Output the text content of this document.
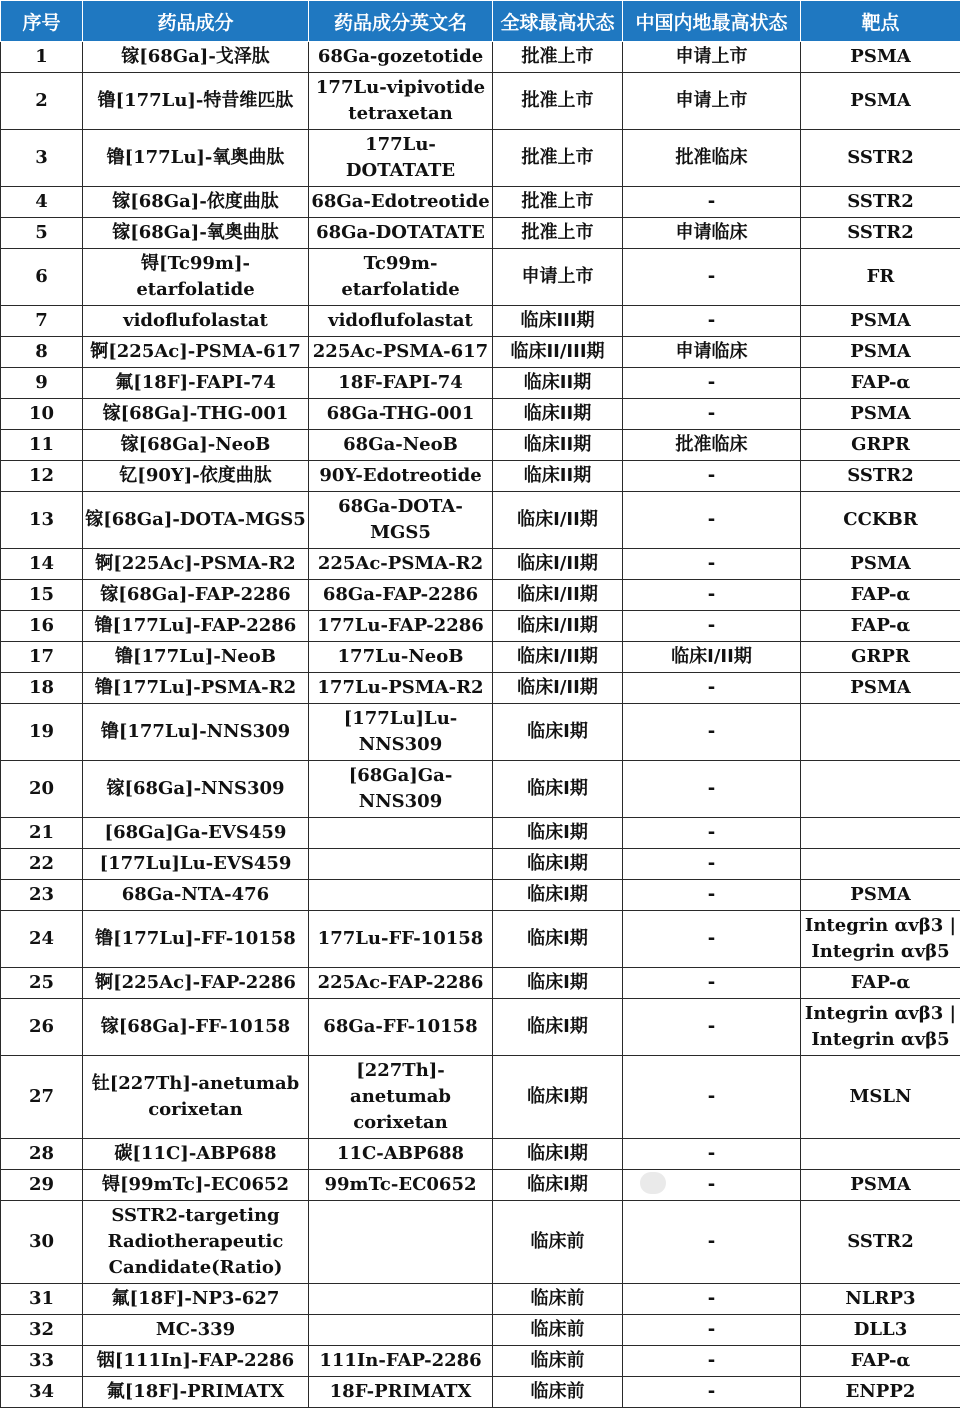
序号	药品成分	药品成分英文名	全球最高状态	中国内地最高状态	靶点
1	镓[68Ga]-戈泽肽	68Ga-gozetotide	批准上市	申请上市	PSMA
2	镥[177Lu]-特昔维匹肽	177Lu-vipivotide tetraxetan	批准上市	申请上市	PSMA
3	镥[177Lu]-氧奥曲肽	177Lu-DOTATATE	批准上市	批准临床	SSTR2
4	镓[68Ga]-依度曲肽	68Ga-Edotreotide	批准上市	-	SSTR2
5	镓[68Ga]-氧奥曲肽	68Ga-DOTATATE	批准上市	申请临床	SSTR2
6	锝[Tc99m]-etarfolatide	Tc99m-etarfolatide	申请上市	-	FR
7	vidoflufolastat	vidoflufolastat	临床III期	-	PSMA
8	锕[225Ac]-PSMA-617	225Ac-PSMA-617	临床II/III期	申请临床	PSMA
9	氟[18F]-FAPI-74	18F-FAPI-74	临床II期	-	FAP-α
10	镓[68Ga]-THG-001	68Ga-THG-001	临床II期	-	PSMA
11	镓[68Ga]-NeoB	68Ga-NeoB	临床II期	批准临床	GRPR
12	钇[90Y]-依度曲肽	90Y-Edotreotide	临床II期	-	SSTR2
13	镓[68Ga]-DOTA-MGS5	68Ga-DOTA-MGS5	临床I/II期	-	CCKBR
14	锕[225Ac]-PSMA-R2	225Ac-PSMA-R2	临床I/II期	-	PSMA
15	镓[68Ga]-FAP-2286	68Ga-FAP-2286	临床I/II期	-	FAP-α
16	镥[177Lu]-FAP-2286	177Lu-FAP-2286	临床I/II期	-	FAP-α
17	镥[177Lu]-NeoB	177Lu-NeoB	临床I/II期	临床I/II期	GRPR
18	镥[177Lu]-PSMA-R2	177Lu-PSMA-R2	临床I/II期	-	PSMA
19	镥[177Lu]-NNS309	[177Lu]Lu-NNS309	临床I期	-	
20	镓[68Ga]-NNS309	[68Ga]Ga-NNS309	临床I期	-	
21	[68Ga]Ga-EVS459		临床I期	-	
22	[177Lu]Lu-EVS459		临床I期	-	
23	68Ga-NTA-476		临床I期	-	PSMA
24	镥[177Lu]-FF-10158	177Lu-FF-10158	临床I期	-	Integrin αvβ3 | Integrin αvβ5
25	锕[225Ac]-FAP-2286	225Ac-FAP-2286	临床I期	-	FAP-α
26	镓[68Ga]-FF-10158	68Ga-FF-10158	临床I期	-	Integrin αvβ3 | Integrin αvβ5
27	钍[227Th]-anetumab corixetan	[227Th]-anetumab corixetan	临床I期	-	MSLN
28	碳[11C]-ABP688	11C-ABP688	临床I期	-	
29	锝[99mTc]-EC0652	99mTc-EC0652	临床I期	-	PSMA
30	SSTR2-targeting Radiotherapeutic Candidate(Ratio)		临床前	-	SSTR2
31	氟[18F]-NP3-627		临床前	-	NLRP3
32	MC-339		临床前	-	DLL3
33	铟[111In]-FAP-2286	111In-FAP-2286	临床前	-	FAP-α
34	氟[18F]-PRIMATX	18F-PRIMATX	临床前	-	ENPP2
